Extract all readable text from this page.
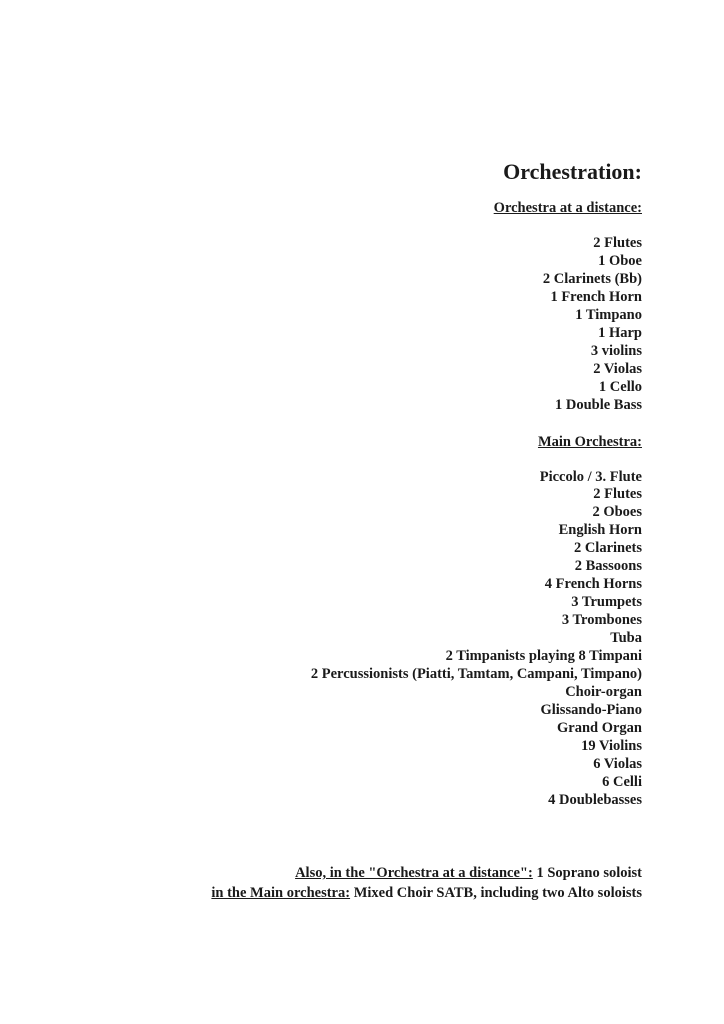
Orchestration:
Orchestra at a distance:
2 Flutes
1 Oboe
2 Clarinets (Bb)
1 French Horn
1 Timpano
1 Harp
3 violins
2 Violas
1 Cello
1 Double Bass
Main Orchestra:
Piccolo / 3. Flute
2 Flutes
2 Oboes
English Horn
2 Clarinets
2 Bassoons
4 French Horns
3 Trumpets
3 Trombones
Tuba
2 Timpanists playing 8 Timpani
2 Percussionists (Piatti, Tamtam, Campani, Timpano)
Choir-organ
Glissando-Piano
Grand Organ
19 Violins
6 Violas
6 Celli
4 Doublebasses
Also, in the "Orchestra at a distance": 1 Soprano soloist
in the Main orchestra: Mixed Choir SATB, including two Alto soloists
